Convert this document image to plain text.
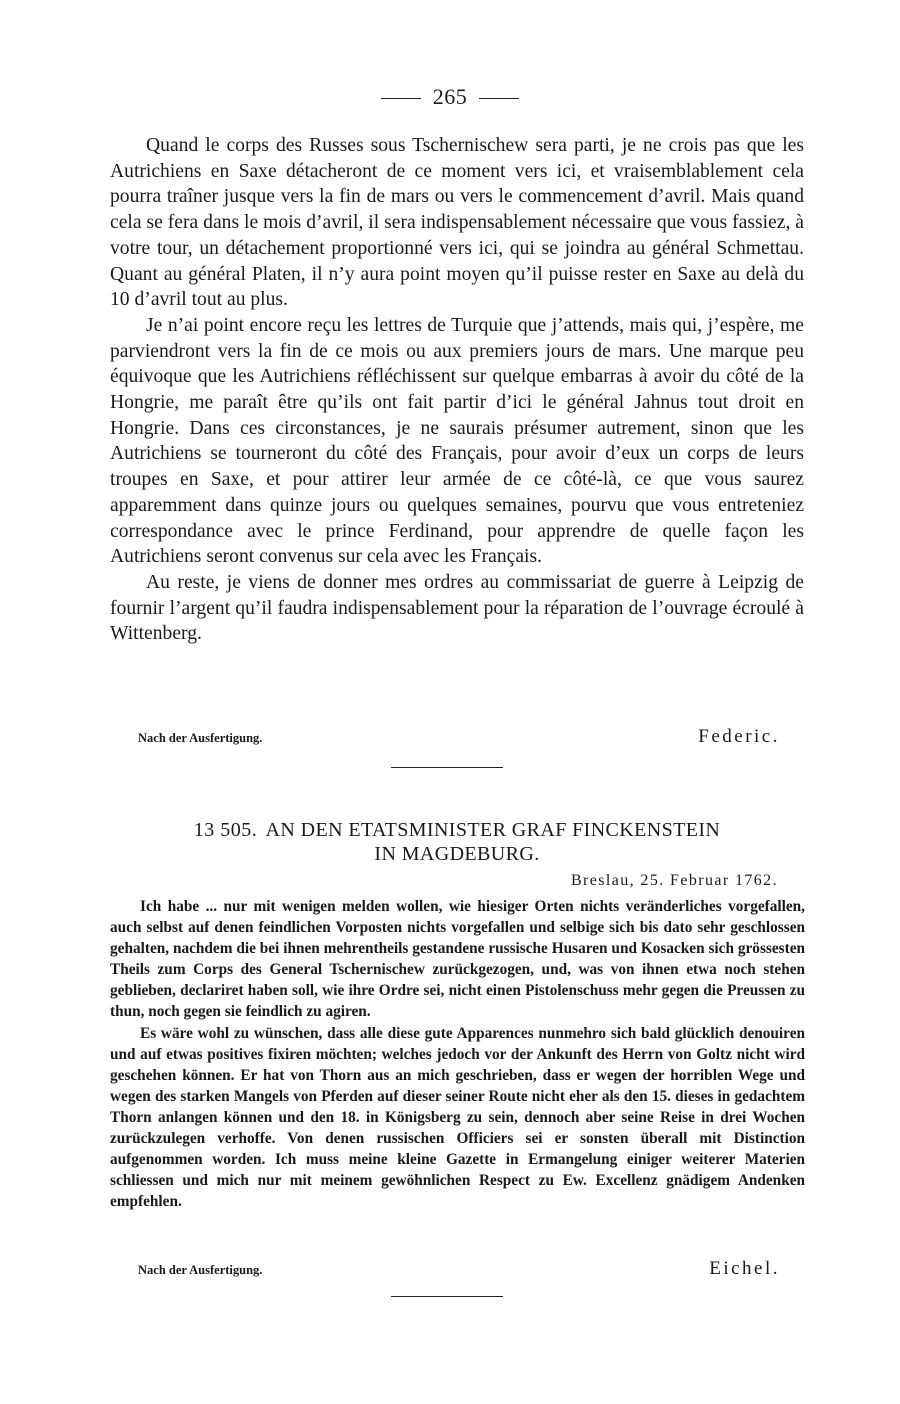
265

Quand le corps des Russes sous Tschernischew sera parti, je ne crois pas que les Autrichiens en Saxe détacheront de ce moment vers ici, et vraisemblablement cela pourra traîner jusque vers la fin de mars ou vers le commencement d’avril. Mais quand cela se fera dans le mois d’avril, il sera indispensablement nécessaire que vous fassiez, à votre tour, un détachement proportionné vers ici, qui se joindra au général Schmettau. Quant au général Platen, il n’y aura point moyen qu’il puisse rester en Saxe au delà du 10 d’avril tout au plus.

Je n’ai point encore reçu les lettres de Turquie que j’attends, mais qui, j’espère, me parviendront vers la fin de ce mois ou aux premiers jours de mars. Une marque peu équivoque que les Autrichiens réfléchissent sur quelque embarras à avoir du côté de la Hongrie, me paraît être qu’ils ont fait partir d’ici le général Jahnus tout droit en Hongrie. Dans ces circonstances, je ne saurais présumer autrement, sinon que les Autrichiens se tourneront du côté des Français, pour avoir d’eux un corps de leurs troupes en Saxe, et pour attirer leur armée de ce côté-là, ce que vous saurez apparemment dans quinze jours ou quelques semaines, pourvu que vous entreteniez correspondance avec le prince Ferdinand, pour apprendre de quelle façon les Autrichiens seront convenus sur cela avec les Français.

Au reste, je viens de donner mes ordres au commissariat de guerre à Leipzig de fournir l’argent qu’il faudra indispensablement pour la réparation de l’ouvrage écroulé à Wittenberg.

Nach der Ausfertigung.	Federic.
13 505. AN DEN ETATSMINISTER GRAF FINCKENSTEIN
IN MAGDEBURG.
Breslau, 25. Februar 1762.

Ich habe ... nur mit wenigen melden wollen, wie hiesiger Orten nichts veränderliches vorgefallen, auch selbst auf denen feindlichen Vorposten nichts vorgefallen und selbige sich bis dato sehr geschlossen gehalten, nachdem die bei ihnen mehrentheils gestandene russische Husaren und Kosacken sich grössesten Theils zum Corps des General Tschernischew zurückgezogen, und, was von ihnen etwa noch stehen geblieben, declariret haben soll, wie ihre Ordre sei, nicht einen Pistolenschuss mehr gegen die Preussen zu thun, noch gegen sie feindlich zu agiren.

Es wäre wohl zu wünschen, dass alle diese gute Apparences nunmehro sich bald glücklich denouiren und auf etwas positives fixiren möchten; welches jedoch vor der Ankunft des Herrn von Goltz nicht wird geschehen können. Er hat von Thorn aus an mich geschrieben, dass er wegen der horriblen Wege und wegen des starken Mangels von Pferden auf dieser seiner Route nicht eher als den 15. dieses in gedachtem Thorn anlangen können und den 18. in Königsberg zu sein, dennoch aber seine Reise in drei Wochen zurückzulegen verhoffe. Von denen russischen Officiers sei er sonsten überall mit Distinction aufgenommen worden. Ich muss meine kleine Gazette in Ermangelung einiger weiterer Materien schliessen und mich nur mit meinem gewöhnlichen Respect zu Ew. Excellenz gnädigem Andenken empfehlen.

Nach der Ausfertigung.	Eichel.
